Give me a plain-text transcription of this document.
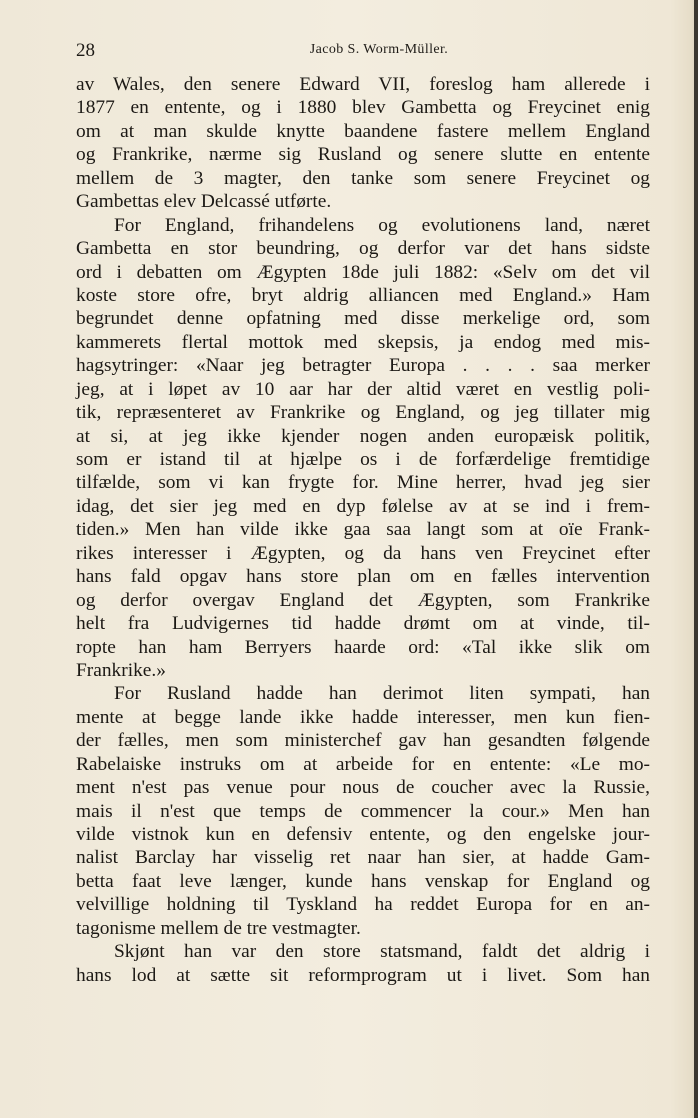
28	Jacob S. Worm-Müller.
av Wales, den senere Edward VII, foreslog ham allerede i
1877 en entente, og i 1880 blev Gambetta og Freycinet enig
om at man skulde knytte baandene fastere mellem England
og Frankrike, nærme sig Rusland og senere slutte en entente
mellem de 3 magter, den tanke som senere Freycinet og
Gambettas elev Delcassé utførte.
For England, frihandelens og evolutionens land, næret
Gambetta en stor beundring, og derfor var det hans sidste
ord i debatten om Ægypten 18de juli 1882: «Selv om det vil
koste store ofre, bryt aldrig alliancen med England.» Ham
begrundet denne opfatning med disse merkelige ord, som
kammerets flertal mottok med skepsis, ja endog med mis-
hagsytringer: «Naar jeg betragter Europa . . . . saa merker
jeg, at i løpet av 10 aar har der altid været en vestlig poli-
tik, repræsenteret av Frankrike og England, og jeg tillater mig
at si, at jeg ikke kjender nogen anden europæisk politik,
som er istand til at hjælpe os i de forfærdelige fremtidige
tilfælde, som vi kan frygte for. Mine herrer, hvad jeg sier
idag, det sier jeg med en dyp følelse av at se ind i frem-
tiden.» Men han vilde ikke gaa saa langt som at oïe Frank-
rikes interesser i Ægypten, og da hans ven Freycinet efter
hans fald opgav hans store plan om en fælles intervention
og derfor overgav England det Ægypten, som Frankrike
helt fra Ludvigernes tid hadde drømt om at vinde, til-
ropte han ham Berryers haarde ord: «Tal ikke slik om
Frankrike.»
For Rusland hadde han derimot liten sympati, han
mente at begge lande ikke hadde interesser, men kun fien-
der fælles, men som ministerchef gav han gesandten følgende
Rabelaiske instruks om at arbeide for en entente: «Le mo-
ment n'est pas venue pour nous de coucher avec la Russie,
mais il n'est que temps de commencer la cour.» Men han
vilde vistnok kun en defensiv entente, og den engelske jour-
nalist Barclay har visselig ret naar han sier, at hadde Gam-
betta faat leve længer, kunde hans venskap for England og
velvillige holdning til Tyskland ha reddet Europa for en an-
tagonisme mellem de tre vestmagter.
Skjønt han var den store statsmand, faldt det aldrig i
hans lod at sætte sit reformprogram ut i livet. Som han
